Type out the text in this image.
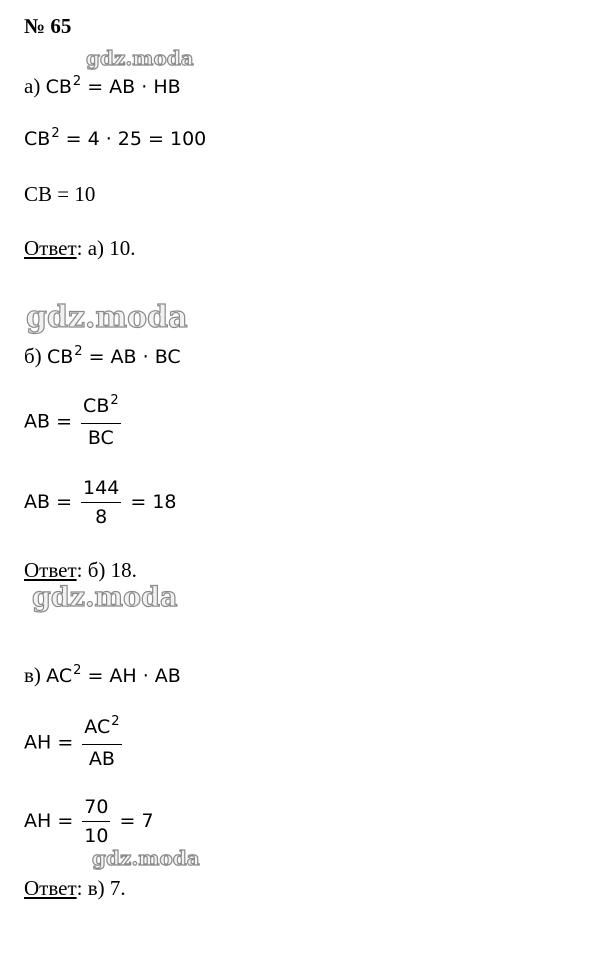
№ 65
gdz.moda
gdz.moda
gdz.moda
gdz.moda
а) $CB^2$ = AB · HB
$CB^2 = 4 \cdot 25 = 100$
CB = 10
Ответ: а) 10.
б) $CB^2$ = AB · BC
AB = $\frac{CB^2}{BC}$
AB = $\frac{144}{8} = 18$
Ответ: б) 18.
в) $AC^2$ = AH · AB
AH = $\frac{AC^2}{AB}$
AH = $\frac{70}{10} = 7$
Ответ: в) 7.
